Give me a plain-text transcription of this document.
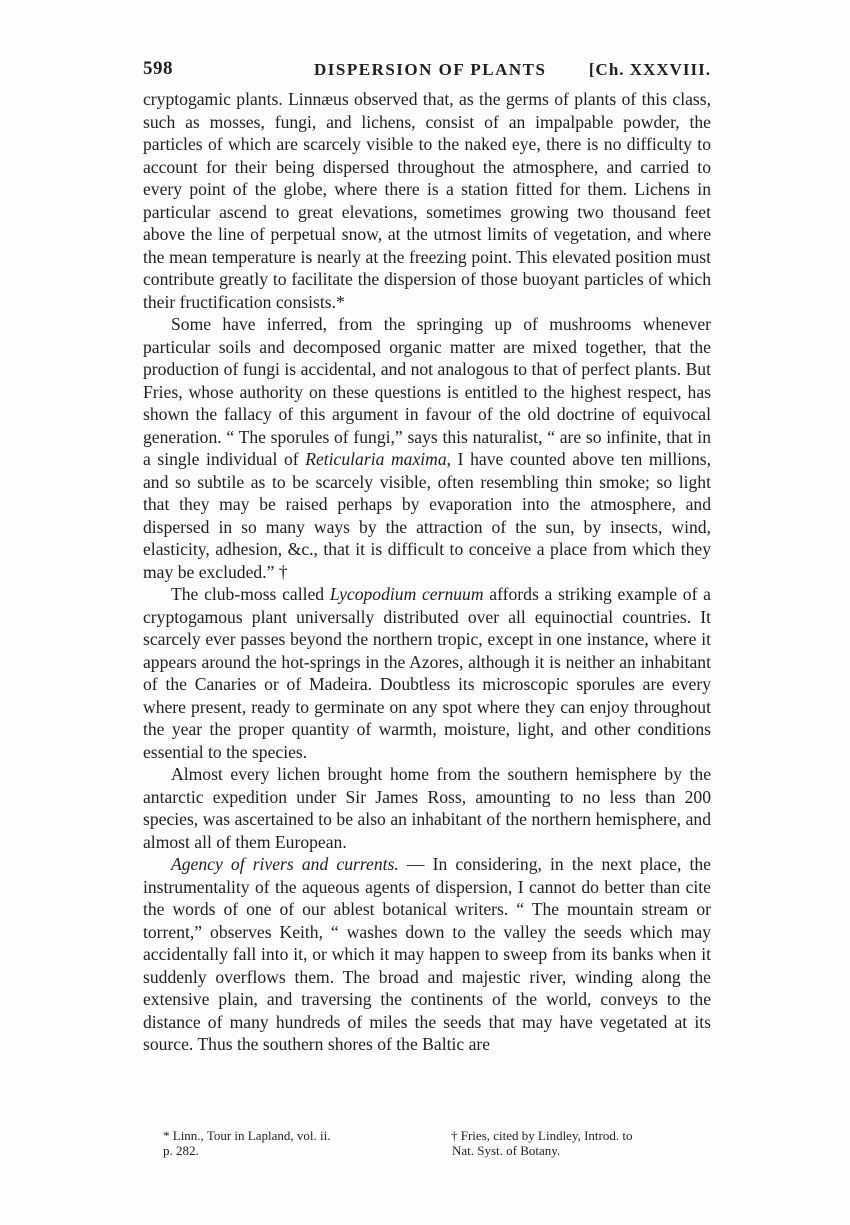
598	DISPERSION OF PLANTS [Ch. XXXVIII.

cryptogamic plants. Linnæus observed that, as the germs of plants of this class, such as mosses, fungi, and lichens, consist of an impalpable powder, the particles of which are scarcely visible to the naked eye, there is no difficulty to account for their being dispersed throughout the atmosphere, and carried to every point of the globe, where there is a station fitted for them. Lichens in particular ascend to great elevations, sometimes growing two thousand feet above the line of perpetual snow, at the utmost limits of vegetation, and where the mean temperature is nearly at the freezing point. This elevated position must contribute greatly to facilitate the dispersion of those buoyant particles of which their fructification consists.*

Some have inferred, from the springing up of mushrooms whenever particular soils and decomposed organic matter are mixed together, that the production of fungi is accidental, and not analogous to that of perfect plants. But Fries, whose authority on these questions is entitled to the highest respect, has shown the fallacy of this argument in favour of the old doctrine of equivocal generation. “ The sporules of fungi,” says this naturalist, “ are so infinite, that in a single individual of Reticularia maxima, I have counted above ten millions, and so subtile as to be scarcely visible, often resembling thin smoke; so light that they may be raised perhaps by evaporation into the atmosphere, and dispersed in so many ways by the attraction of the sun, by insects, wind, elasticity, adhesion, &c., that it is difficult to conceive a place from which they may be excluded.” †

The club-moss called Lycopodium cernuum affords a striking example of a cryptogamous plant universally distributed over all equinoctial countries. It scarcely ever passes beyond the northern tropic, except in one instance, where it appears around the hot-springs in the Azores, although it is neither an inhabitant of the Canaries or of Madeira. Doubtless its microscopic sporules are every where present, ready to germinate on any spot where they can enjoy throughout the year the proper quantity of warmth, moisture, light, and other conditions essential to the species.

Almost every lichen brought home from the southern hemisphere by the antarctic expedition under Sir James Ross, amounting to no less than 200 species, was ascertained to be also an inhabitant of the northern hemisphere, and almost all of them European.

Agency of rivers and currents. — In considering, in the next place, the instrumentality of the aqueous agents of dispersion, I cannot do better than cite the words of one of our ablest botanical writers. “ The mountain stream or torrent,” observes Keith, “ washes down to the valley the seeds which may accidentally fall into it, or which it may happen to sweep from its banks when it suddenly overflows them. The broad and majestic river, winding along the extensive plain, and traversing the continents of the world, conveys to the distance of many hundreds of miles the seeds that may have vegetated at its source. Thus the southern shores of the Baltic are

* Linn., Tour in Lapland, vol. ii.
p. 282.
† Fries, cited by Lindley, Introd. to

Nat. Syst. of Botany.
